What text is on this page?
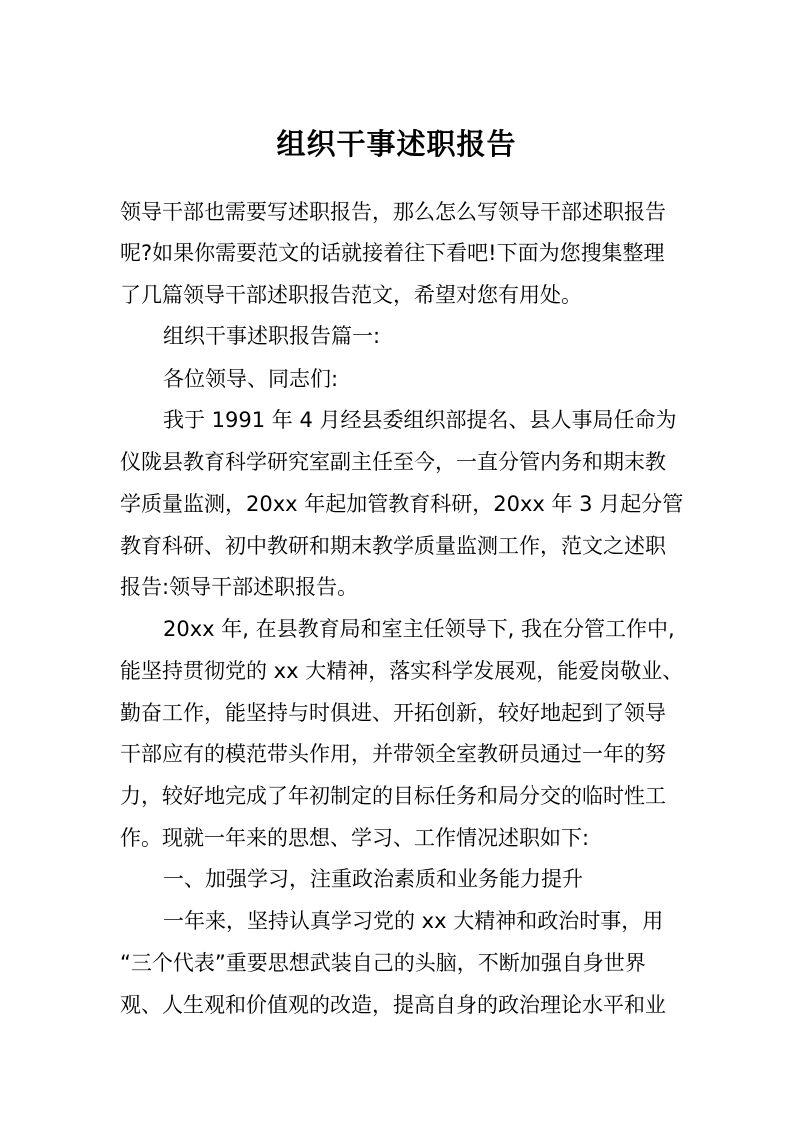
组织干事述职报告

领导干部也需要写述职报告，那么怎么写领导干部述职报告

呢?如果你需要范文的话就接着往下看吧!下面为您搜集整理

了几篇领导干部述职报告范文，希望对您有用处。

组织干事述职报告篇一:

各位领导、同志们:

我于 1991 年 4 月经县委组织部提名、县人事局任命为

仪陇县教育科学研究室副主任至今，一直分管内务和期末教

学质量监测，20xx 年起加管教育科研，20xx 年 3 月起分管

教育科研、初中教研和期末教学质量监测工作，范文之述职

报告:领导干部述职报告。

20xx 年, 在县教育局和室主任领导下, 我在分管工作中,

能坚持贯彻党的 xx 大精神，落实科学发展观，能爱岗敬业、

勤奋工作，能坚持与时俱进、开拓创新，较好地起到了领导

干部应有的模范带头作用，并带领全室教研员通过一年的努

力，较好地完成了年初制定的目标任务和局分交的临时性工

作。现就一年来的思想、学习、工作情况述职如下:

一、加强学习，注重政治素质和业务能力提升

一年来，坚持认真学习党的 xx 大精神和政治时事，用

“三个代表”重要思想武装自己的头脑，不断加强自身世界

观、人生观和价值观的改造，提高自身的政治理论水平和业
